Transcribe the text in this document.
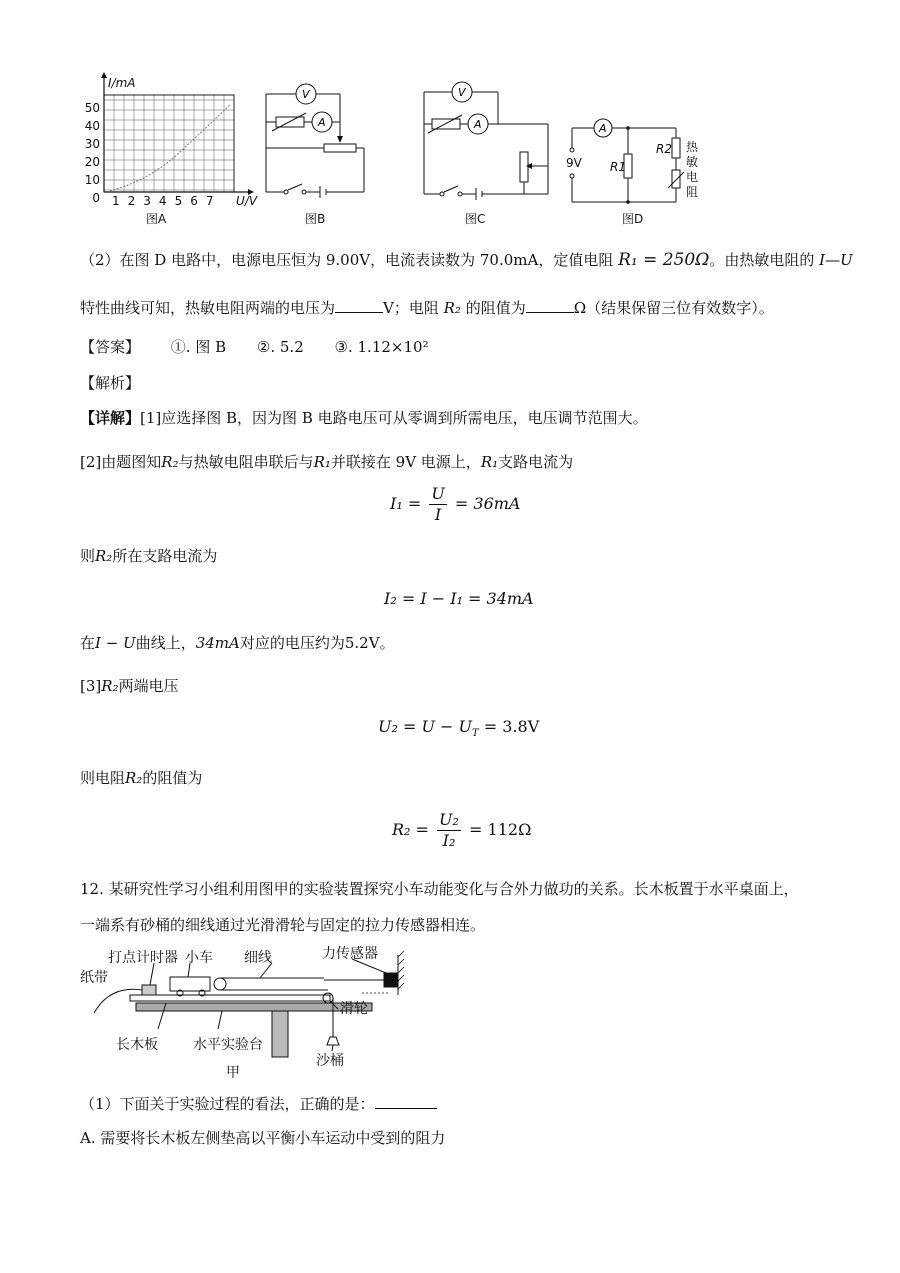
I/mA
50
40
30
20
10
0 1 2 3 4 5 6 7 U/V
图A
V
A
图B
V
A
图C
A
9V R1
R2 热敏电阻
图D
（2）在图 D 电路中，电源电压恒为 9.00V，电流表读数为 70.0mA，定值电阻 R₁ = 250Ω。由热敏电阻的 I—U
特性曲线可知，热敏电阻两端的电压为	V；电阻 R₂ 的阻值为	Ω（结果保留三位有效数字）。
【答案】 ①. 图 B ②. 5.2 ③. 1.12×10²
【解析】
【详解】[1]应选择图 B，因为图 B 电路电压可从零调到所需电压，电压调节范围大。
[2]由题图知R₂与热敏电阻串联后与R₁并联接在 9V 电源上，R₁支路电流为
$I_1 = \frac{U}{I} = 36mA$
则R₂所在支路电流为
I₂ = I − I₁ = 34mA
在I − U曲线上，34mA对应的电压约为5.2V。
[3]R₂两端电压
$U_2 = U - U_T = 3.8V$
则电阻R₂的阻值为
$R_2 = \frac{\text{U₂}}{\text{I₂}} = 112\Omega$
12. 某研究性学习小组利用图甲的实验装置探究小车动能变化与合外力做功的关系。长木板置于水平桌面上，
一端系有砂桶的细线通过光滑滑轮与固定的拉力传感器相连。
打点计时器 小车 细线	力传感器
纸带
滑轮
长木板	水平实验台
沙桶
甲
（1）下面关于实验过程的看法，正确的是：
A. 需要将长木板左侧垫高以平衡小车运动中受到的阻力
